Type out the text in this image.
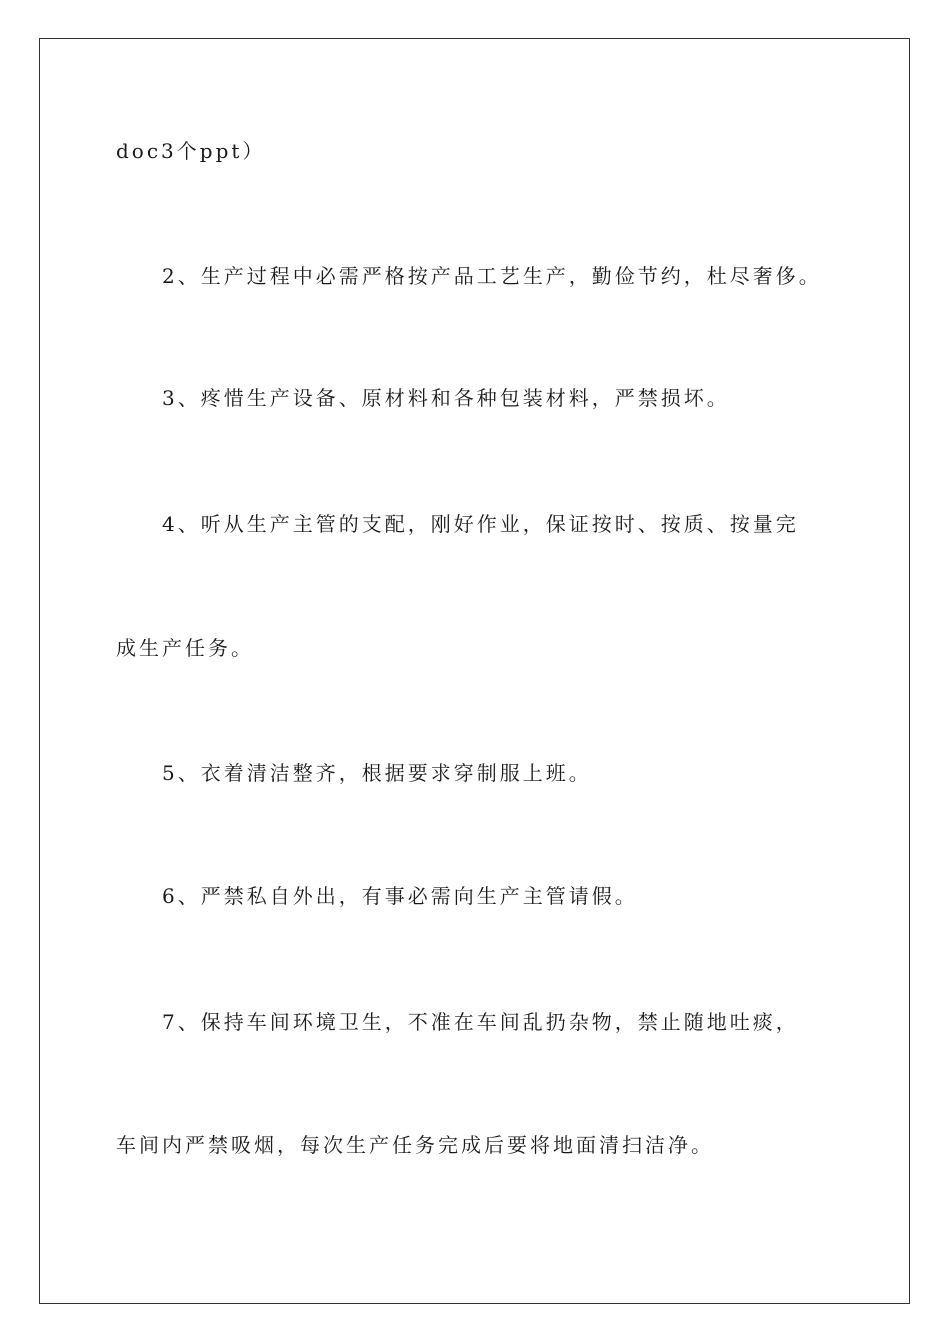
doc3个ppt）
2、生产过程中必需严格按产品工艺生产，勤俭节约，杜尽奢侈。
3、疼惜生产设备、原材料和各种包装材料，严禁损坏。
4、听从生产主管的支配，刚好作业，保证按时、按质、按量完
成生产任务。
5、衣着清洁整齐，根据要求穿制服上班。
6、严禁私自外出，有事必需向生产主管请假。
7、保持车间环境卫生，不准在车间乱扔杂物，禁止随地吐痰，
车间内严禁吸烟，每次生产任务完成后要将地面清扫洁净。
